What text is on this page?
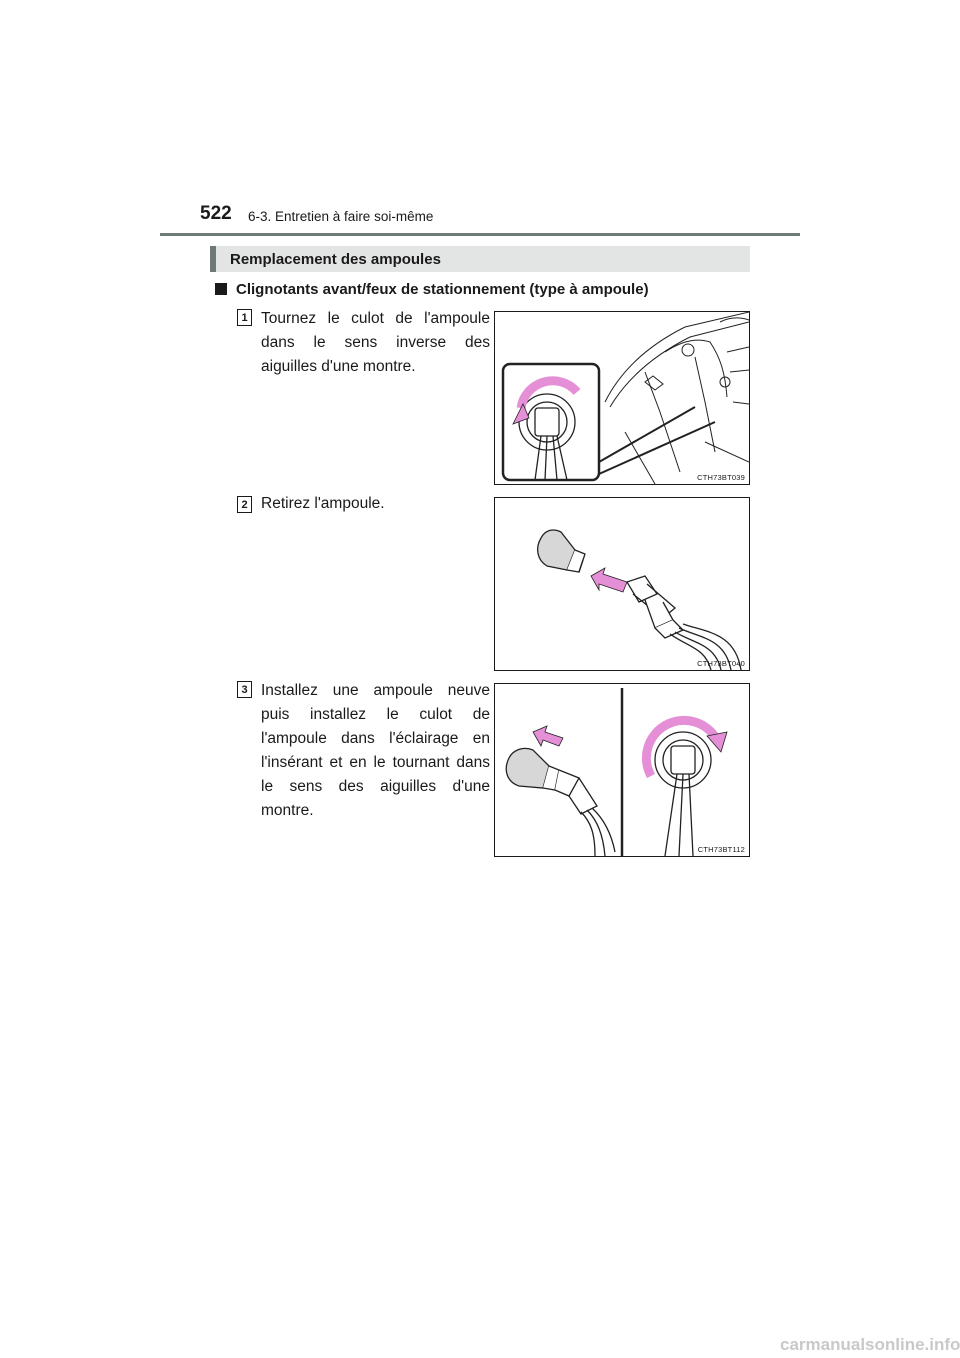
522 6-3. Entretien à faire soi-même
Remplacement des ampoules
Clignotants avant/feux de stationnement (type à ampoule)
1 Tournez le culot de l'ampoule dans le sens inverse des aiguilles d'une montre.
CTH73BT039
2 Retirez l'ampoule.
CTH73BT040
3 Installez une ampoule neuve puis installez le culot de l'ampoule dans l'éclairage en l'insérant et en le tournant dans le sens des aiguilles d'une montre.
CTH73BT112
carmanualsonline.info
